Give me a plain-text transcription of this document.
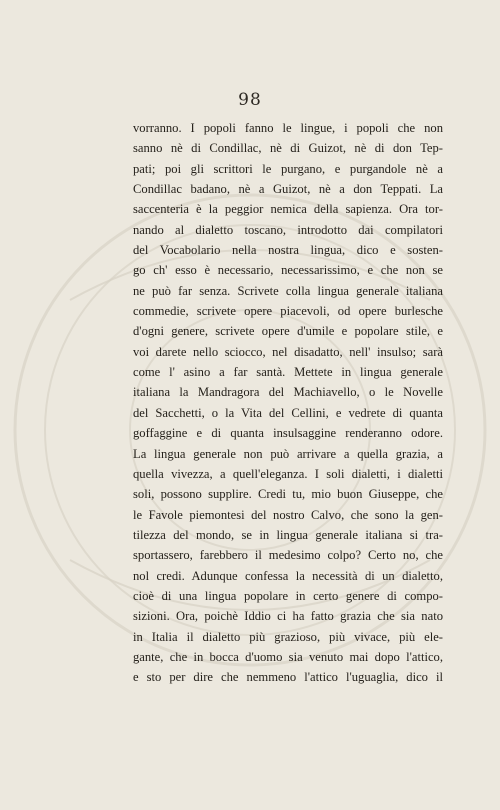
98
vorranno. I popoli fanno le lingue, i popoli che non
sanno nè di Condillac, nè di Guizot, nè di don Tep-
pati; poi gli scrittori le purgano, e purgandole nè a
Condillac badano, nè a Guizot, nè a don Teppati. La
saccenteria è la peggior nemica della sapienza. Ora tor-
nando al dialetto toscano, introdotto dai compilatori
del Vocabolario nella nostra lingua, dico e sosten-
go ch' esso è necessario, necessarissimo, e che non se
ne può far senza. Scrivete colla lingua generale italiana
commedie, scrivete opere piacevoli, od opere burlesche
d'ogni genere, scrivete opere d'umile e popolare stile, e
voi darete nello sciocco, nel disadatto, nell' insulso; sarà
come l' asino a far santà. Mettete in lingua generale
italiana la Mandragora del Machiavello, o le Novelle
del Sacchetti, o la Vita del Cellini, e vedrete di quanta
goffaggine e di quanta insulsaggine renderanno odore.
La lingua generale non può arrivare a quella grazia, a
quella vivezza, a quell'eleganza. I soli dialetti, i dialetti
soli, possono supplire. Credi tu, mio buon Giuseppe, che
le Favole piemontesi del nostro Calvo, che sono la gen-
tilezza del mondo, se in lingua generale italiana si tra-
sportassero, farebbero il medesimo colpo? Certo no, che
nol credi. Adunque confessa la necessità di un dialetto,
cioè di una lingua popolare in certo genere di compo-
sizioni. Ora, poichè Iddio ci ha fatto grazia che sia nato
in Italia il dialetto più grazioso, più vivace, più ele-
gante, che in bocca d'uomo sia venuto mai dopo l'attico,
e sto per dire che nemmeno l'attico l'uguaglia, dico il
